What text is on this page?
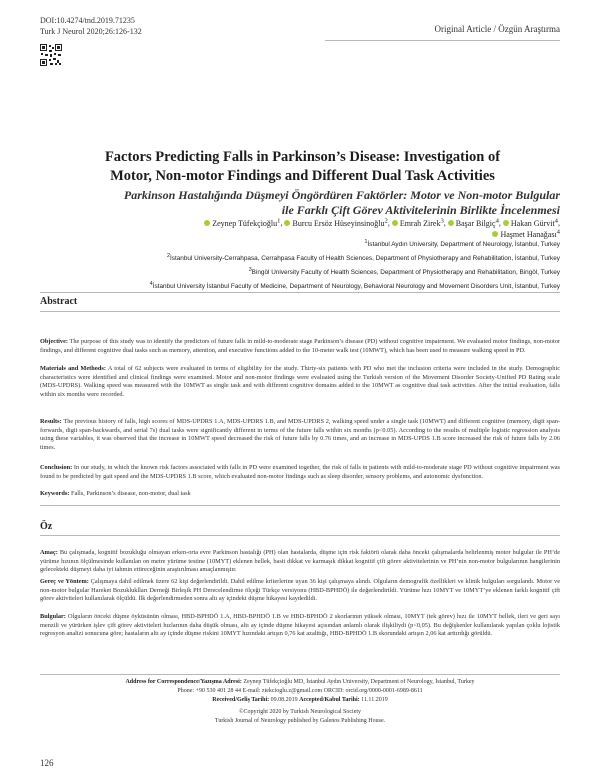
DOI:10.4274/tnd.2019.71235
Turk J Neurol 2020;26:126-132	Original Article / Özgün Araştırma
Factors Predicting Falls in Parkinson’s Disease: Investigation of
Motor, Non-motor Findings and Different Dual Task Activities
Parkinson Hastalığında Düşmeyi Öngördüren Faktörler: Motor ve Non-motor Bulgular
ile Farklı Çift Görev Aktivitelerinin Birlikte İncelenmesi
Zeynep Tüfekçioğlu$^1$, Burcu Ersöz Hüseyinsinoğlu$^2$, Emrah Zirek$^3$, Başar Bilgiç$^4$, Hakan Gürvit$^4$,
Haşmet Hanağası$^4$
$^1$İstanbul Aydın University, Department of Neurology, İstanbul, Turkey
$^2$İstanbul University-Cerrahpasa, Cerrahpasa Faculty of Health Sciences, Department of Physiotherapy and Rehabilitation, İstanbul, Turkey
$^3$Bingöl University Faculty of Health Sciences, Department of Physiotherapy and Rehabilitation, Bingöl, Turkey
$^4$İstanbul University İstanbul Faculty of Medicine, Department of Neurology, Behavioral Neurology and Movement Disorders Unit, İstanbul, Turkey
Abstract
Objective: The purpose of this study was to identify the predictors of future falls in mild-to-moderate stage Parkinson’s disease (PD) without cognitive impairment. We evaluated motor findings, non-motor findings, and different cognitive dual tasks such as memory, attention, and executive functions added to the 10-meter walk test (10MWT), which has been used to measure walking speed in PD.
Materials and Methods: A total of 62 subjects were evaluated in terms of eligibility for the study. Thirty-six patients with PD who met the inclusion criteria were included in the study. Demographic characteristics were identified and clinical findings were examined. Motor and non-motor findings were evaluated using the Turkish version of the Movement Disorder Society-Unified PD Rating scale (MDS-UPDRS). Walking speed was measured with the 10MWT as single task and with different cognitive domains added to the 10MWT as cognitive dual task activities. After the initial evaluation, falls within six months were recorded.
Results: The previous history of falls, high scores of MDS-UPDRS 1.A, MDS-UPDRS 1.B, and MDS-UPDRS 2, walking speed under a single task (10MWT) and different cognitive (memory, digit span-forwards, digit span-backwards, and serial 7s) dual tasks were significantly different in terms of the future falls within six months (p<0.05). According to the results of multiple logistic regression analysis using these variables, it was observed that the increase in 10MWT speed decreased the risk of future falls by 0.76 times, and an increase in MDS-UPDS 1.B score increased the risk of future falls by 2.06 times.
Conclusion: In our study, in which the known risk factors associated with falls in PD were examined together, the risk of falls in patients with mild-to-moderate stage PD without cognitive impairment was found to be predicted by gait speed and the MDS-UPDRS 1.B score, which evaluated non-motor findings such as sleep disorder, sensory problems, and autonomic dysfunction.
Keywords: Falls, Parkinson’s disease, non-motor, dual task
Öz
Amaç: Bu çalışmada, kognitif bozukluğu olmayan erken-orta evre Parkinson hastalığı (PH) olan hastalarda, düşme için risk faktörü olarak daha önceki çalışmalarda belirlenmiş motor bulgular ile PH’de yürüme hızının ölçülmesinde kullanılan on metre yürüme testine (10MYT) eklenen bellek, basit dikkat ve karmaşık dikkat kognitif çift görev aktivitelerinin ve PH’nin non-motor bulgularının hangilerinin gelecekteki düşmeyi daha iyi tahmin ettireceğinin araştırılması amaçlanmıştır.
Gereç ve Yöntem: Çalışmaya dahil edilmek üzere 62 kişi değerlendirildi. Dahil edilme kriterlerine uyan 36 kişi çalışmaya alındı. Olguların demografik özellikleri ve klinik bulguları sorgulandı. Motor ve non-motor bulgular Hareket Bozukluklları Derneği Birleşik PH Derecelendirme ölçeği Türkçe versiyonu (HBD-BPHDÖ) ile değerlendirildi. Yürüme hızı 10MYT ve 10MYT’ye eklenen farklı kognitif çift görev aktiviteleri kullanılarak ölçüldü. İlk değerlendirmeden sonra altı ay içindeki düşme hikayesi kaydedildi.
Bulgular: Olguların önceki düşme öyküsünün olması, HBD-BPHDÖ 1.A, HBD-BPHDÖ 1.B ve HBD-BPHDÖ 2 skorlarının yüksek olması, 10MYT (tek görev) hızı ile 10MYT bellek, ileri ve geri sayı menzili ve yürürken işlev çift görev aktiviteleri hızlarının daha düşük olması, altı ay içinde düşme hikayesi açısından anlamlı olarak ilişkiliydi (p<0,05). Bu değişkenler kullanılarak yapılan çoklu lojistik regresyon analizi sonucuna göre; hastaların altı ay içinde düşme riskini 10MYT hızındaki artışın 0,76 kat azalttığı, HBD-BPHDÖ 1.B skorundaki artışın 2,06 kat arttırdığı görüldü.
Address for Correspondence/Yazışma Adresi: Zeynep Tüfekçioğlu MD, İstanbul Aydın University, Department of Neurology, İstanbul, Turkey
Phone: +90 530 401 28 44 E-mail: ztekcioglu.z@gmail.com ORCID: orcid.org/0000-0001-6989-8611
Received/Geliş Tarihi: 09.08.2019 Accepted/Kabul Tarihi: 11.11.2019
©Copyright 2020 by Turkish Neurological Society
Turkish Journal of Neurology published by Galenos Publishing House.
126
